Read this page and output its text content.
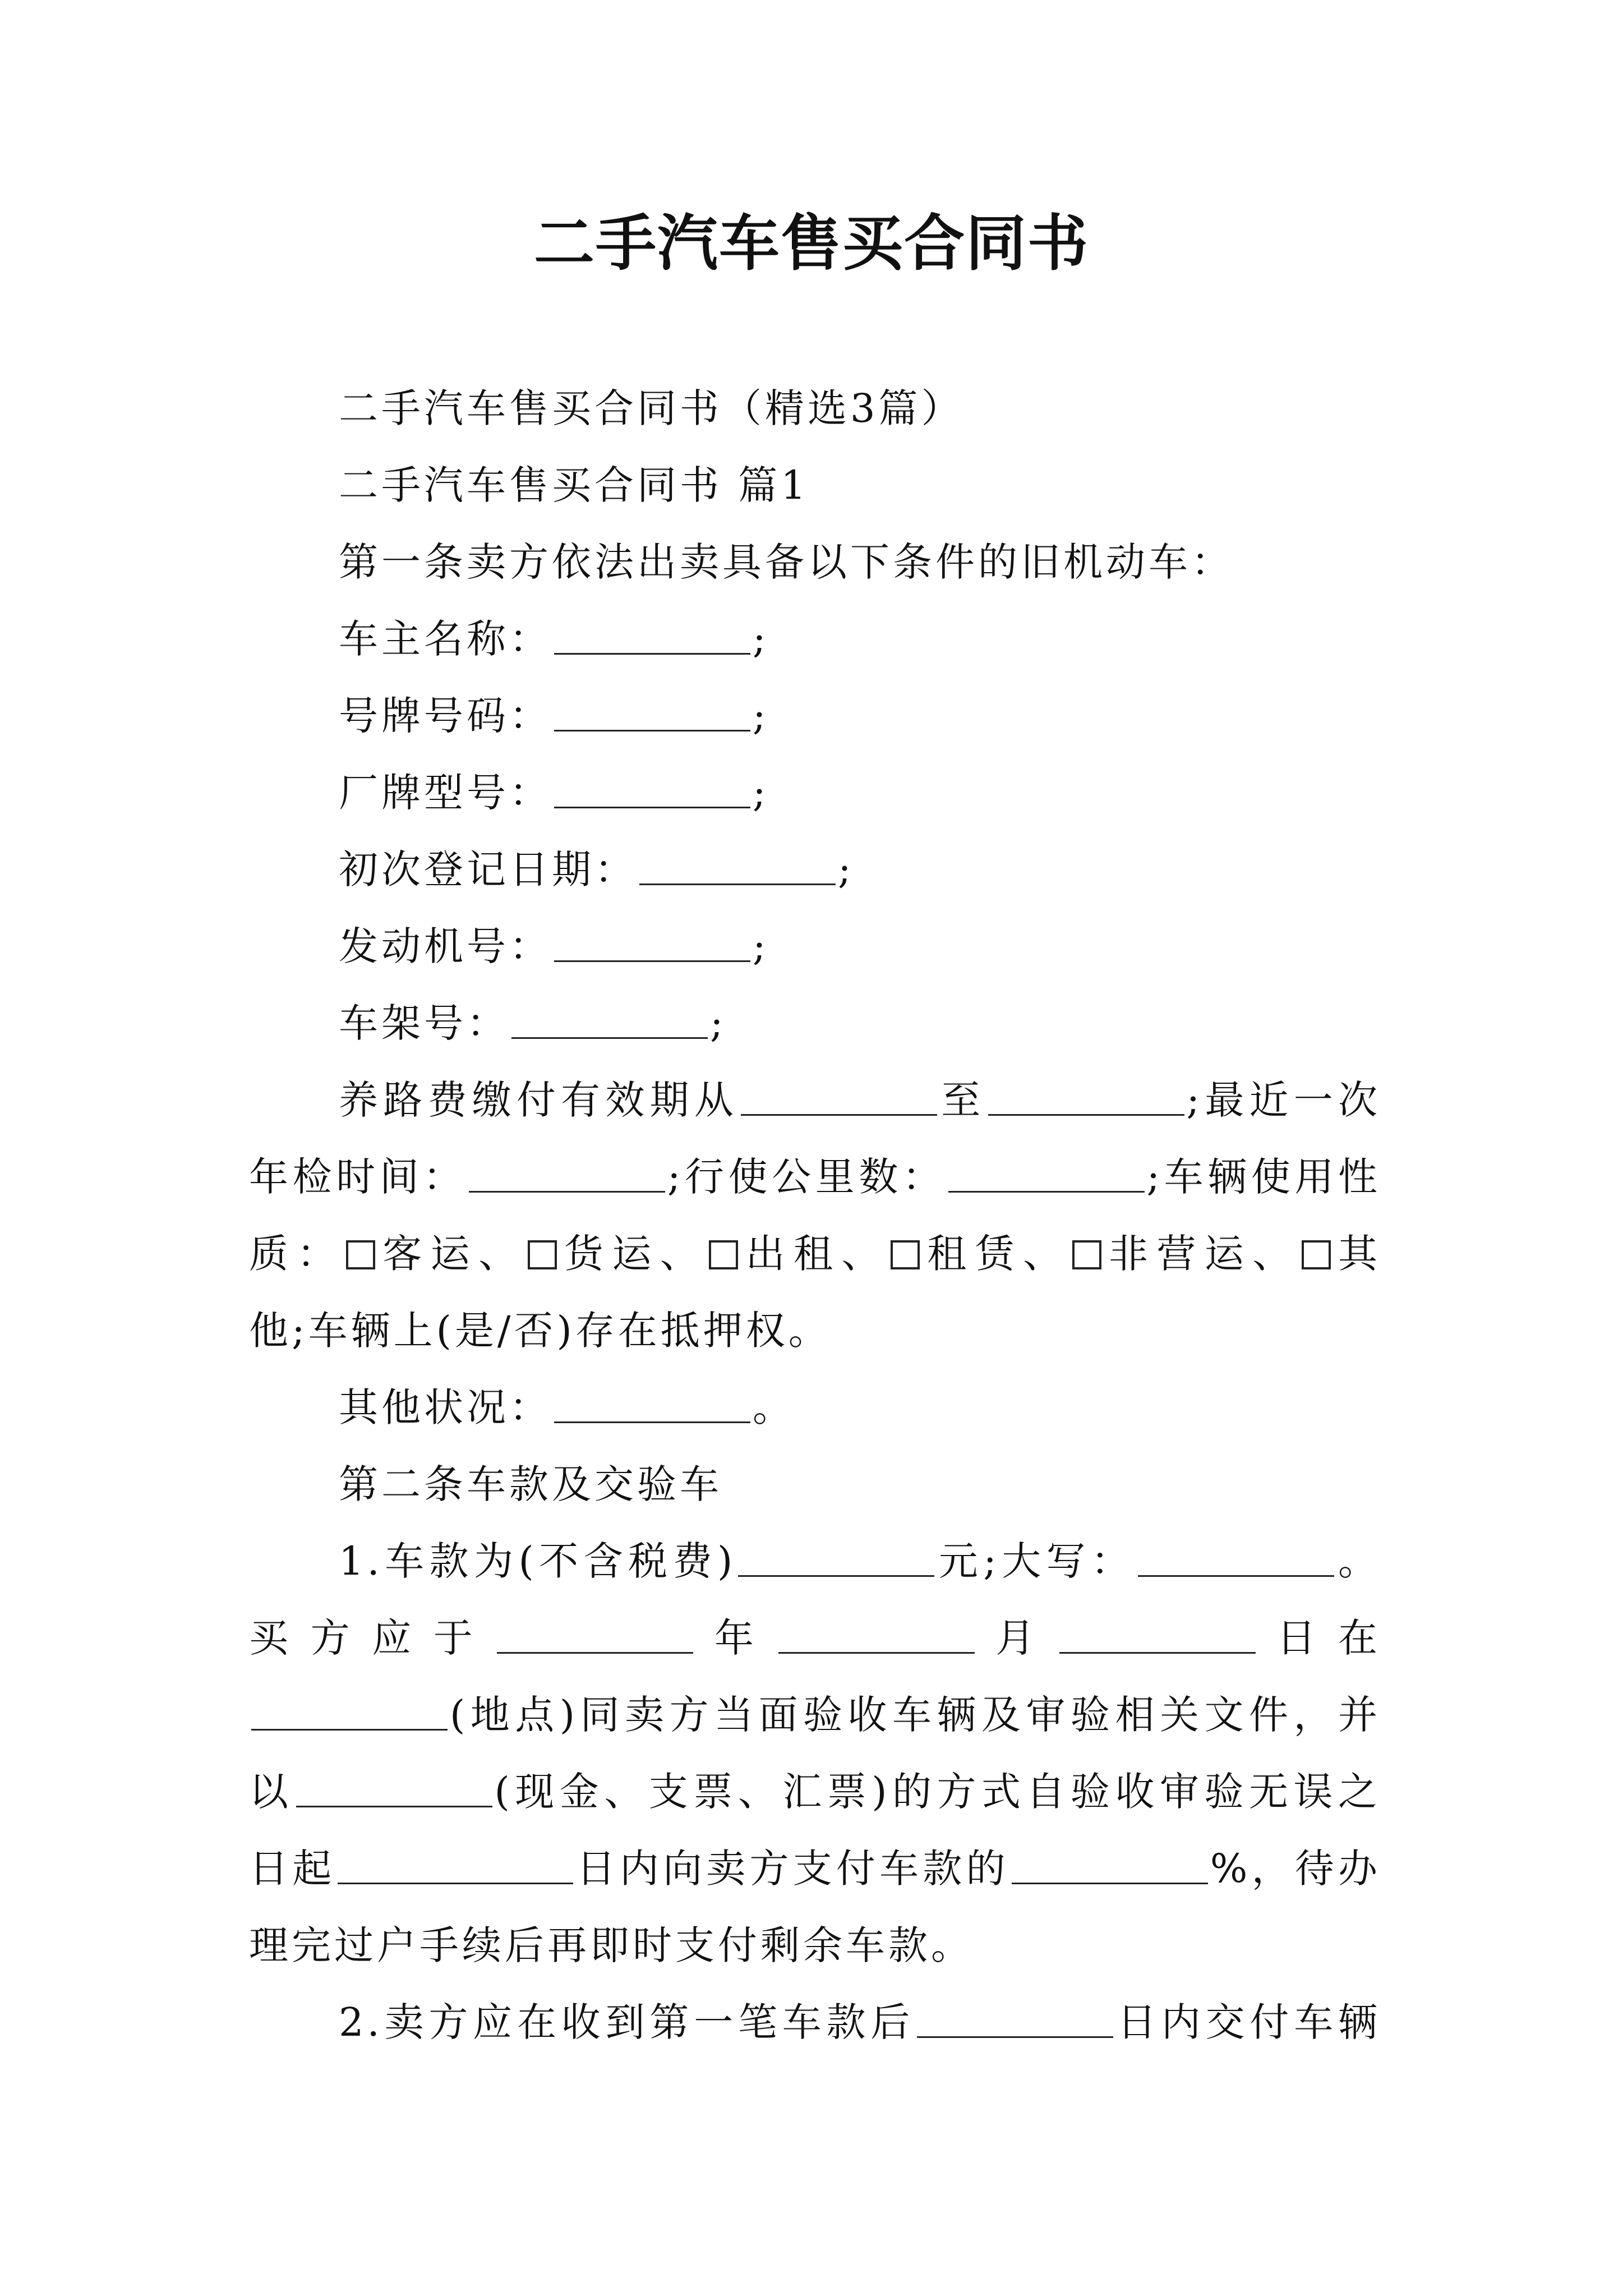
二手汽车售买合同书
二手汽车售买合同书（精选3篇）
二手汽车售买合同书 篇1
第一条卖方依法出卖具备以下条件的旧机动车：
车主名称：	;
号牌号码：	;
厂牌型号：	;
初次登记日期：	;
发动机号：	;
车架号：	;
养路费缴付有效期从	至	;最近一次
年检时间：	;行使公里数：	;车辆使用性
质： 客运、 货运、 出租、 租赁、 非营运、 其
他;车辆上(是/否)存在抵押权。
其他状况：	。
第二条车款及交验车
1.车款为(不含税费)	元;大写：	。
买方应于	年	月	日在
(地点)同卖方当面验收车辆及审验相关文件，并
以	(现金、支票、汇票)的方式自验收审验无误之
日起	日内向卖方支付车款的	%，待办
理完过户手续后再即时支付剩余车款。
2.卖方应在收到第一笔车款后	日内交付车辆
